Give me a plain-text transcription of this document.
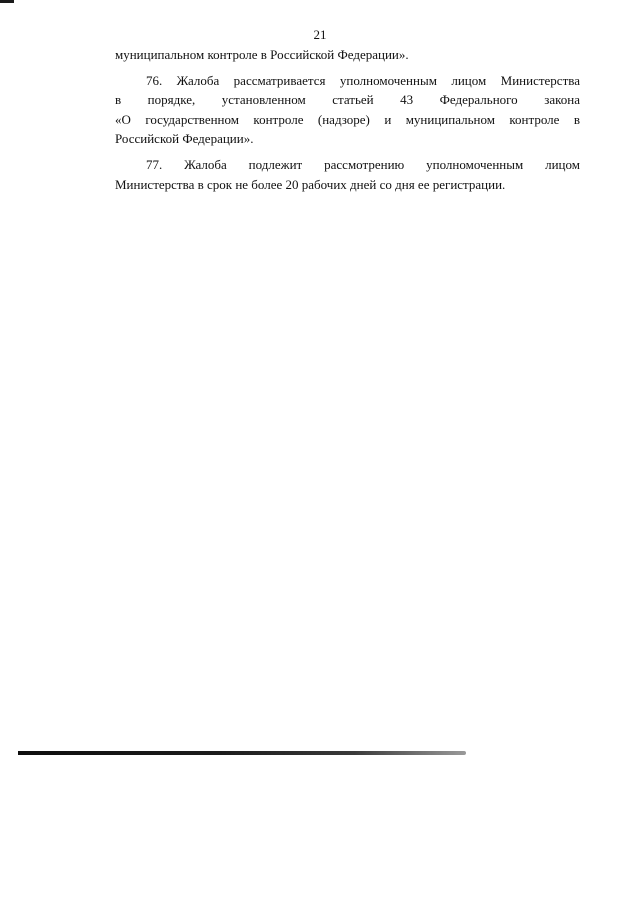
21
муниципальном контроле в Российской Федерации».
76. Жалоба рассматривается уполномоченным лицом Министерства
в порядке, установленном статьей 43 Федерального закона
«О государственном контроле (надзоре) и муниципальном контроле в
Российской Федерации».
77. Жалоба подлежит рассмотрению уполномоченным лицом
Министерства в срок не более 20 рабочих дней со дня ее регистрации.
